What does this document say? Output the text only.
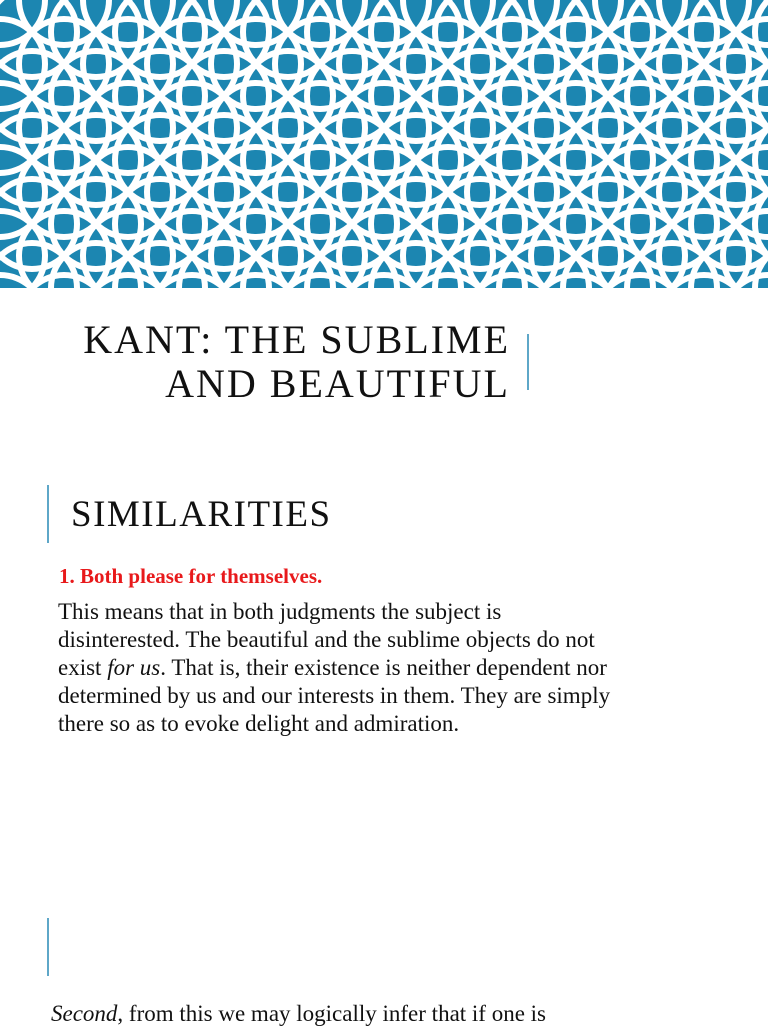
KANT: THE SUBLIME
AND BEAUTIFUL
SIMILARITIES

1. Both please for themselves.

This means that in both judgments the subject is
disinterested. The beautiful and the sublime objects do not
exist for us. That is, their existence is neither dependent nor
determined by us and our interests in them. They are simply
there so as to evoke delight and admiration.

Second, from this we may logically infer that if one is
